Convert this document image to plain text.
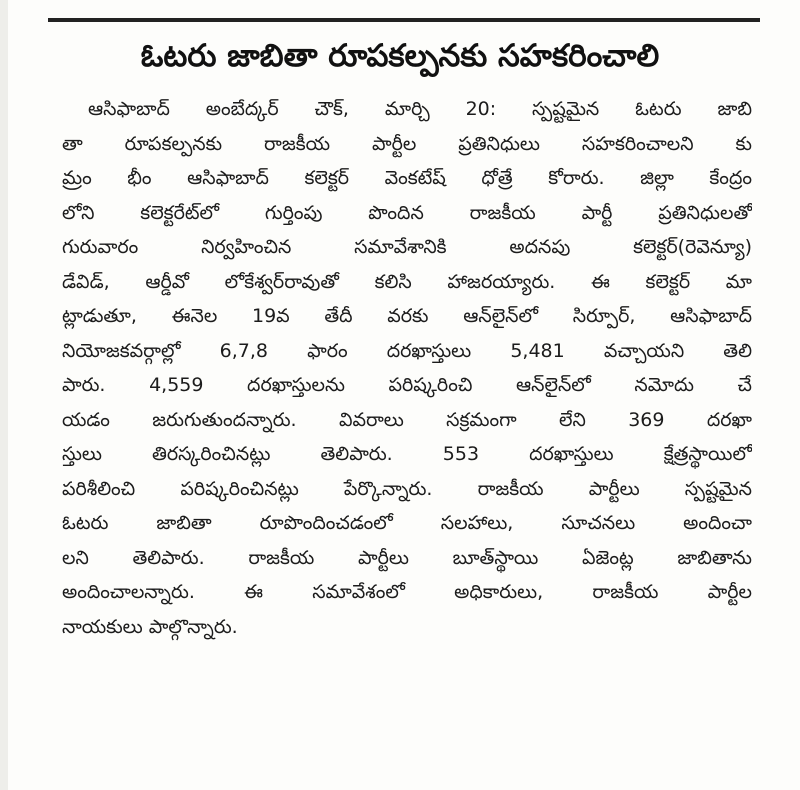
ఓటరు జాబితా రూపకల్పనకు సహకరించాలి
ఆసిఫాబాద్ అంబేద్కర్ చౌక్, మార్చి 20: స్పష్టమైన ఓటరు జాబి
తా రూపకల్పనకు రాజకీయ పార్టీల ప్రతినిధులు సహకరించాలని కు
మ్రం భీం ఆసిఫాబాద్ కలెక్టర్ వెంకటేష్ ధోత్రే కోరారు. జిల్లా కేంద్రం
లోని కలెక్టరేట్‌లో గుర్తింపు పొందిన రాజకీయ పార్టీ ప్రతినిధులతో
గురువారం నిర్వహించిన సమావేశానికి అదనపు కలెక్టర్(రెవెన్యూ)
డేవిడ్, ఆర్డీవో లోకేశ్వర్‌రావుతో కలిసి హాజరయ్యారు. ఈ కలెక్టర్ మా
ట్లాడుతూ, ఈనెల 19వ తేదీ వరకు ఆన్‌లైన్‌లో సిర్పూర్, ఆసిఫాబాద్
నియోజకవర్గాల్లో 6,7,8 ఫారం దరఖాస్తులు 5,481 వచ్చాయని తెలి
పారు. 4,559 దరఖాస్తులను పరిష్కరించి ఆన్‌లైన్‌లో నమోదు చే
యడం జరుగుతుందన్నారు. వివరాలు సక్రమంగా లేని 369 దరఖా
స్తులు తిరస్కరించినట్లు తెలిపారు. 553 దరఖాస్తులు క్షేత్రస్థాయిలో
పరిశీలించి పరిష్కరించినట్లు పేర్కొన్నారు. రాజకీయ పార్టీలు స్పష్టమైన
ఓటరు జాబితా రూపొందించడంలో సలహాలు, సూచనలు అందించా
లని తెలిపారు. రాజకీయ పార్టీలు బూత్‌స్థాయి ఏజెంట్ల జాబితాను
అందించాలన్నారు. ఈ సమావేశంలో అధికారులు, రాజకీయ పార్టీల
నాయకులు పాల్గొన్నారు.
